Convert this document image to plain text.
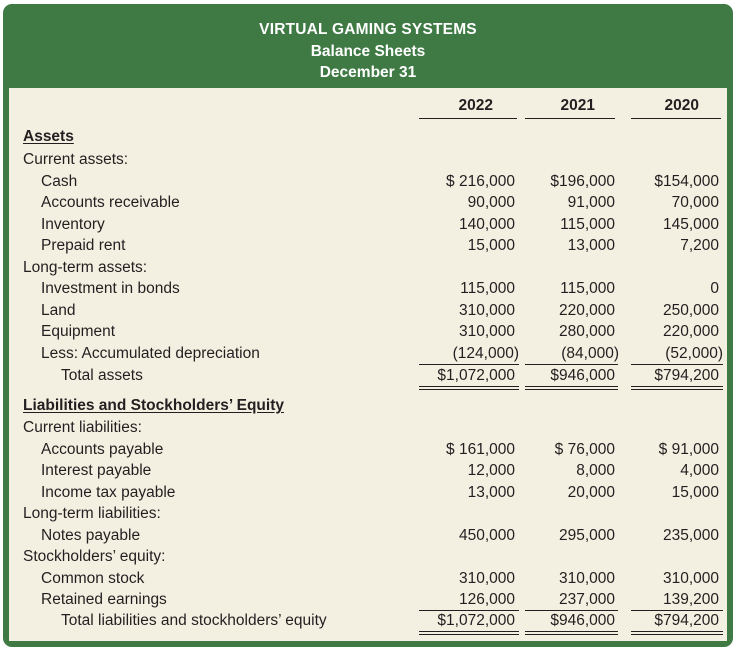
VIRTUAL GAMING SYSTEMS
Balance Sheets
December 31
2022	2021	2020
Assets
Current assets:
Cash	$ 216,000	$196,000	$154,000
Accounts receivable	90,000	91,000	70,000
Inventory	140,000	115,000	145,000
Prepaid rent	15,000	13,000	7,200
Long-term assets:
Investment in bonds	115,000	115,000	0
Land	310,000	220,000	250,000
Equipment	310,000	280,000	220,000
Less: Accumulated depreciation	(124,000)	(84,000)	(52,000)
Total assets	$1,072,000	$946,000	$794,200
Liabilities and Stockholders’ Equity
Current liabilities:
Accounts payable	$ 161,000	$ 76,000	$ 91,000
Interest payable	12,000	8,000	4,000
Income tax payable	13,000	20,000	15,000
Long-term liabilities:
Notes payable	450,000	295,000	235,000
Stockholders’ equity:
Common stock	310,000	310,000	310,000
Retained earnings	126,000	237,000	139,200
Total liabilities and stockholders’ equity	$1,072,000	$946,000	$794,200
